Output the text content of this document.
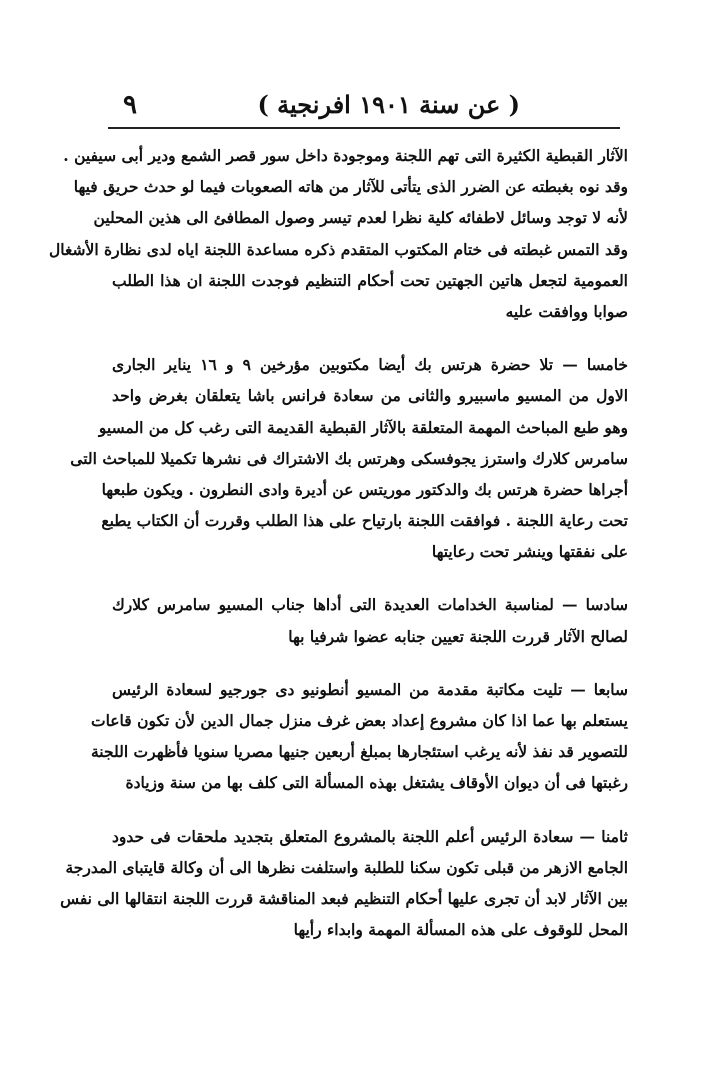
( عن سنة ١٩٠١ افرنجية )
٩
الآثار القبطية الكثيرة التى تهم اللجنة وموجودة داخل سور قصر الشمع ودير أبى سيفين .
وقد نوه بغبطته عن الضرر الذى يتأتى للآثار من هاته الصعوبات فيما لو حدث حريق فيها
لأنه لا توجد وسائل لاطفائه كلية نظرا لعدم تيسر وصول المطافئ الى هذين المحلين
وقد التمس غبطته فى ختام المكتوب المتقدم ذكره مساعدة اللجنة اياه لدى نظارة الأشغال
العمومية لتجعل هاتين الجهتين تحت أحكام التنظيم فوجدت اللجنة ان هذا الطلب
صوابا ووافقت عليه
خامسا — تلا حضرة هرتس بك أيضا مكتوبين مؤرخين ٩ و ١٦ يناير الجارى
الاول من المسيو ماسبيرو والثانى من سعادة فرانس باشا يتعلقان بغرض واحد
وهو طبع المباحث المهمة المتعلقة بالآثار القبطية القديمة التى رغب كل من المسيو
سامرس كلارك واسترز يجوفسكى وهرتس بك الاشتراك فى نشرها تكميلا للمباحث التى
أجراها حضرة هرتس بك والدكتور موريتس عن أديرة وادى النطرون . ويكون طبعها
تحت رعاية اللجنة . فوافقت اللجنة بارتياح على هذا الطلب وقررت أن الكتاب يطبع
على نفقتها وينشر تحت رعايتها
سادسا — لمناسبة الخدامات العديدة التى أداها جناب المسيو سامرس كلارك
لصالح الآثار قررت اللجنة تعيين جنابه عضوا شرفيا بها
سابعا — تليت مكاتبة مقدمة من المسيو أنطونيو دى جورجيو لسعادة الرئيس
يستعلم بها عما اذا كان مشروع إعداد بعض غرف منزل جمال الدين لأن تكون قاعات
للتصوير قد نفذ لأنه يرغب استئجارها بمبلغ أربعين جنيها مصريا سنويا فأظهرت اللجنة
رغبتها فى أن ديوان الأوقاف يشتغل بهذه المسألة التى كلف بها من سنة وزيادة
ثامنا — سعادة الرئيس أعلم اللجنة بالمشروع المتعلق بتجديد ملحقات فى حدود
الجامع الازهر من قبلى تكون سكنا للطلبة واستلفت نظرها الى أن وكالة قايتباى المدرجة
بين الآثار لابد أن تجرى عليها أحكام التنظيم فبعد المناقشة قررت اللجنة انتقالها الى نفس
المحل للوقوف على هذه المسألة المهمة وابداء رأيها
